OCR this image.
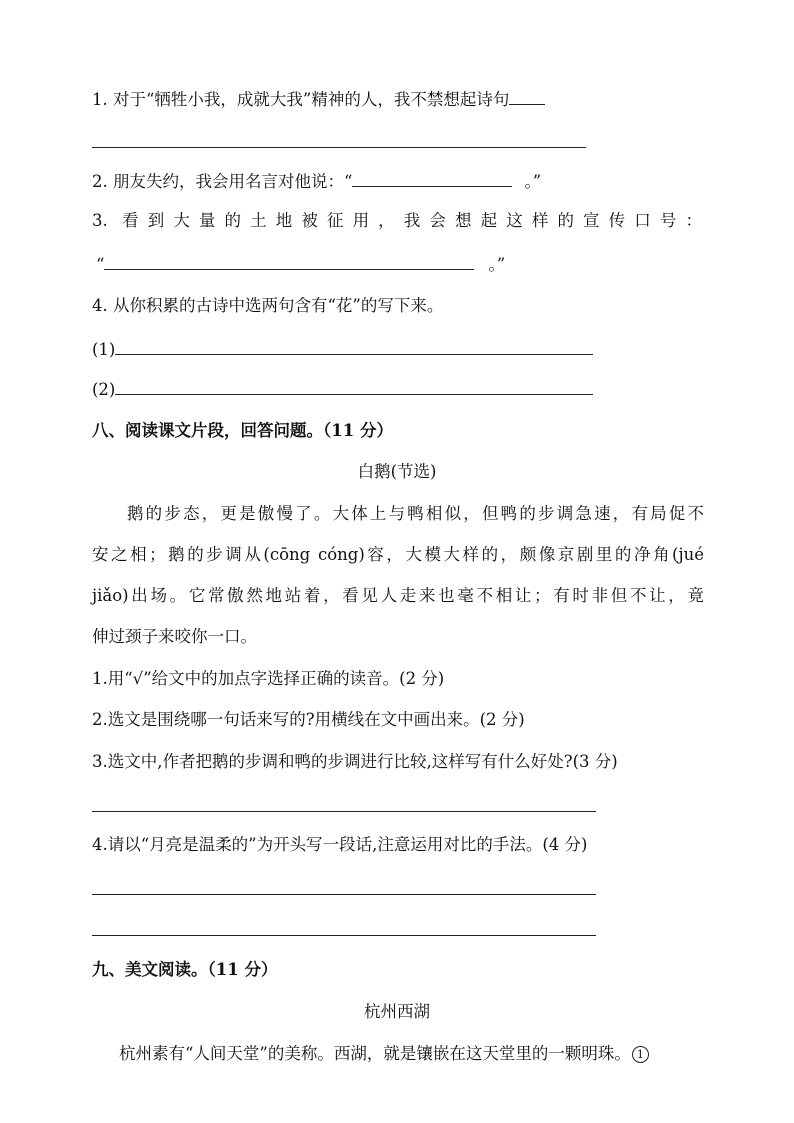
1. 对于“牺牲小我，成就大我”精神的人，我不禁想起诗句
2. 朋友失约，我会用名言对他说：“	。”
3. 看到大量的土地被征用，我会想起这样的宣传口号：
“	。”
4. 从你积累的古诗中选两句含有“花”的写下来。
(1)
(2)
八、阅读课文片段，回答问题。（11 分）
白鹅(节选)
鹅的步态，更是傲慢了。大体上与鸭相似，但鸭的步调急速，有局促不
安之相；鹅的步调从(cōng cóng)容，大模大样的，颇像京剧里的净角(jué
jiǎo)出场。它常傲然地站着，看见人走来也毫不相让；有时非但不让，竟
伸过颈子来咬你一口。
1.用“√”给文中的加点字选择正确的读音。(2 分)
2.选文是围绕哪一句话来写的?用横线在文中画出来。(2 分)
3.选文中,作者把鹅的步调和鸭的步调进行比较,这样写有什么好处?(3 分)
4.请以“月亮是温柔的”为开头写一段话,注意运用对比的手法。(4 分)
九、美文阅读。（11 分）
杭州西湖
杭州素有“人间天堂”的美称。西湖，就是镶嵌在这天堂里的一颗明珠。 1
